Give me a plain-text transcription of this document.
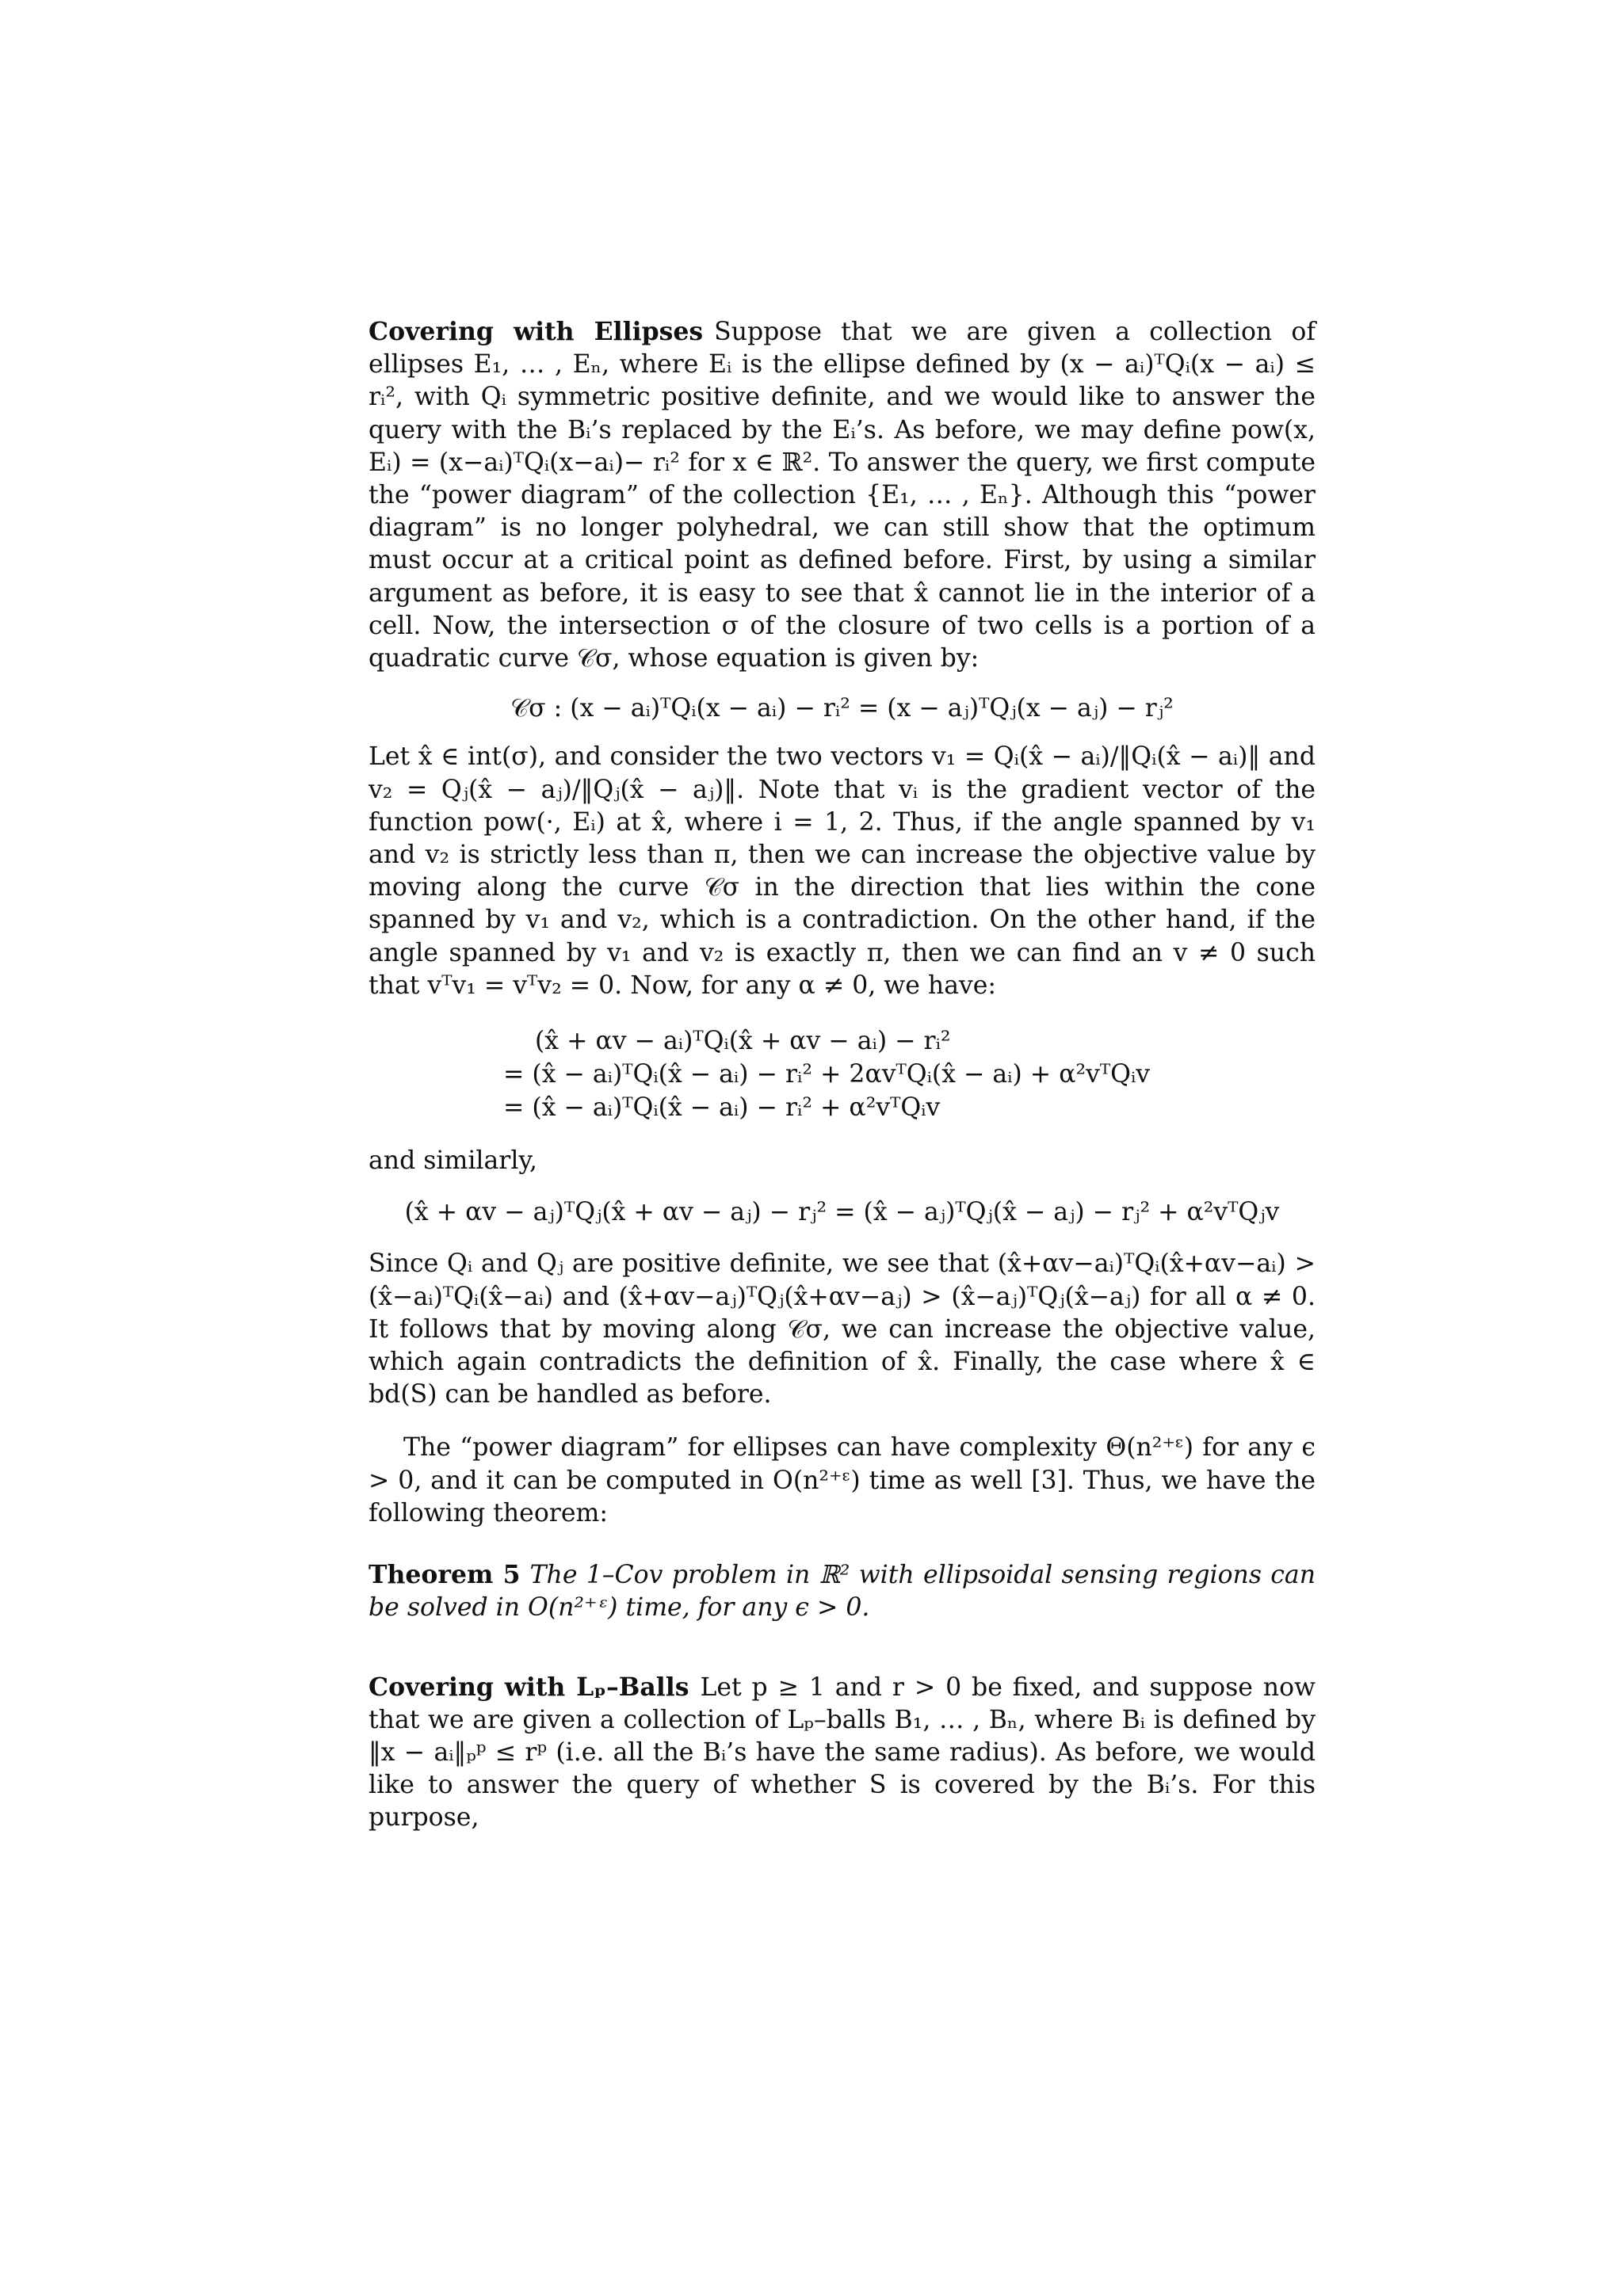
Covering with Ellipses Suppose that we are given a collection of ellipses E₁, … , Eₙ, where Eᵢ is the ellipse defined by (x − aᵢ)ᵀQᵢ(x − aᵢ) ≤ rᵢ², with Qᵢ symmetric positive definite, and we would like to answer the query with the Bᵢ’s replaced by the Eᵢ’s. As before, we may define pow(x, Eᵢ) = (x−aᵢ)ᵀQᵢ(x−aᵢ)− rᵢ² for x ∈ ℝ². To answer the query, we first compute the “power diagram” of the collection {E₁, … , Eₙ}. Although this “power diagram” is no longer polyhedral, we can still show that the optimum must occur at a critical point as defined before. First, by using a similar argument as before, it is easy to see that x̂ cannot lie in the interior of a cell. Now, the intersection σ of the closure of two cells is a portion of a quadratic curve 𝒞σ, whose equation is given by:

𝒞σ : (x − aᵢ)ᵀQᵢ(x − aᵢ) − rᵢ² = (x − aⱼ)ᵀQⱼ(x − aⱼ) − rⱼ²

Let x̂ ∈ int(σ), and consider the two vectors v₁ = Qᵢ(x̂ − aᵢ)/‖Qᵢ(x̂ − aᵢ)‖ and v₂ = Qⱼ(x̂ − aⱼ)/‖Qⱼ(x̂ − aⱼ)‖. Note that vᵢ is the gradient vector of the function pow(·, Eᵢ) at x̂, where i = 1, 2. Thus, if the angle spanned by v₁ and v₂ is strictly less than π, then we can increase the objective value by moving along the curve 𝒞σ in the direction that lies within the cone spanned by v₁ and v₂, which is a contradiction. On the other hand, if the angle spanned by v₁ and v₂ is exactly π, then we can find an v ≠ 0 such that vᵀv₁ = vᵀv₂ = 0. Now, for any α ≠ 0, we have:

(x̂ + αv − aᵢ)ᵀQᵢ(x̂ + αv − aᵢ) − rᵢ²
= (x̂ − aᵢ)ᵀQᵢ(x̂ − aᵢ) − rᵢ² + 2αvᵀQᵢ(x̂ − aᵢ) + α²vᵀQᵢv
= (x̂ − aᵢ)ᵀQᵢ(x̂ − aᵢ) − rᵢ² + α²vᵀQᵢv

and similarly,

(x̂ + αv − aⱼ)ᵀQⱼ(x̂ + αv − aⱼ) − rⱼ² = (x̂ − aⱼ)ᵀQⱼ(x̂ − aⱼ) − rⱼ² + α²vᵀQⱼv

Since Qᵢ and Qⱼ are positive definite, we see that (x̂+αv−aᵢ)ᵀQᵢ(x̂+αv−aᵢ) > (x̂−aᵢ)ᵀQᵢ(x̂−aᵢ) and (x̂+αv−aⱼ)ᵀQⱼ(x̂+αv−aⱼ) > (x̂−aⱼ)ᵀQⱼ(x̂−aⱼ) for all α ≠ 0. It follows that by moving along 𝒞σ, we can increase the objective value, which again contradicts the definition of x̂. Finally, the case where x̂ ∈ bd(S) can be handled as before.

The “power diagram” for ellipses can have complexity Θ(n²⁺ᵋ) for any ϵ > 0, and it can be computed in O(n²⁺ᵋ) time as well [3]. Thus, we have the following theorem:

Theorem 5 The 1–Cov problem in ℝ² with ellipsoidal sensing regions can be solved in O(n²⁺ᵋ) time, for any ϵ > 0.

Covering with Lₚ–Balls Let p ≥ 1 and r > 0 be fixed, and suppose now that we are given a collection of Lₚ–balls B₁, … , Bₙ, where Bᵢ is defined by ‖x − aᵢ‖ₚᵖ ≤ rᵖ (i.e. all the Bᵢ’s have the same radius). As before, we would like to answer the query of whether S is covered by the Bᵢ’s. For this purpose,
